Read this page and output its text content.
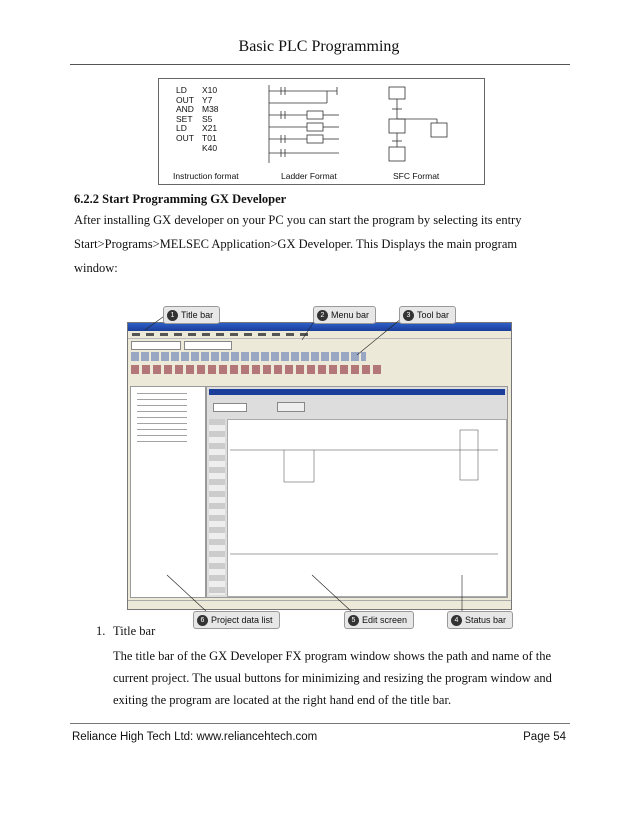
Basic PLC Programming
LD	X10
OUT Y7
AND M38
SET	S5
LD	X21
OUT T01
K40
Instruction format	Ladder Format	SFC Format
6.2.2 Start Programming GX Developer
After installing GX developer on your PC you can start the program by selecting its entry
Start>Programs>MELSEC Application>GX Developer. This Displays the main program
window:
1 Title bar	2 Menu bar	3 Tool bar
6 Project data list	5 Edit screen	4 Status bar
1. Title bar
The title bar of the GX Developer FX program window shows the path and name of the
current project. The usual buttons for minimizing and resizing the program window and
exiting the program are located at the right hand end of the title bar.
Reliance High Tech Ltd: www.reliancehtech.com	Page 54
